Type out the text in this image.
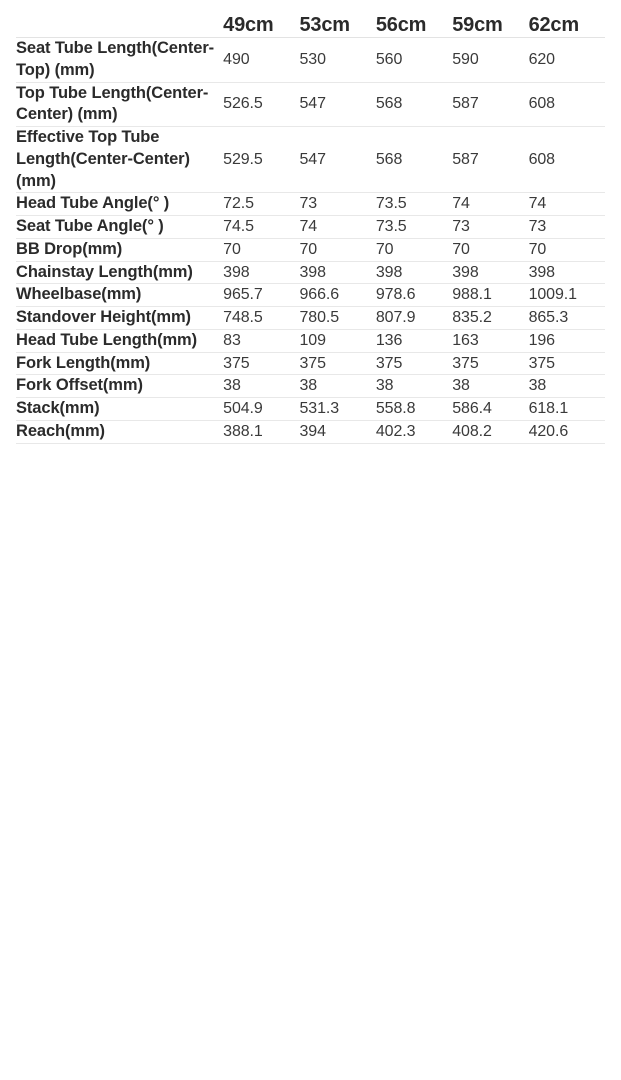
	49cm	53cm	56cm	59cm	62cm
Seat Tube Length(Center-Top) (mm)	490	530	560	590	620
Top Tube Length(Center-Center) (mm)	526.5	547	568	587	608
Effective Top Tube Length(Center-Center) (mm)	529.5	547	568	587	608
Head Tube Angle(° )	72.5	73	73.5	74	74
Seat Tube Angle(° )	74.5	74	73.5	73	73
BB Drop(mm)	70	70	70	70	70
Chainstay Length(mm)	398	398	398	398	398
Wheelbase(mm)	965.7	966.6	978.6	988.1	1009.1
Standover Height(mm)	748.5	780.5	807.9	835.2	865.3
Head Tube Length(mm)	83	109	136	163	196
Fork Length(mm)	375	375	375	375	375
Fork Offset(mm)	38	38	38	38	38
Stack(mm)	504.9	531.3	558.8	586.4	618.1
Reach(mm)	388.1	394	402.3	408.2	420.6
